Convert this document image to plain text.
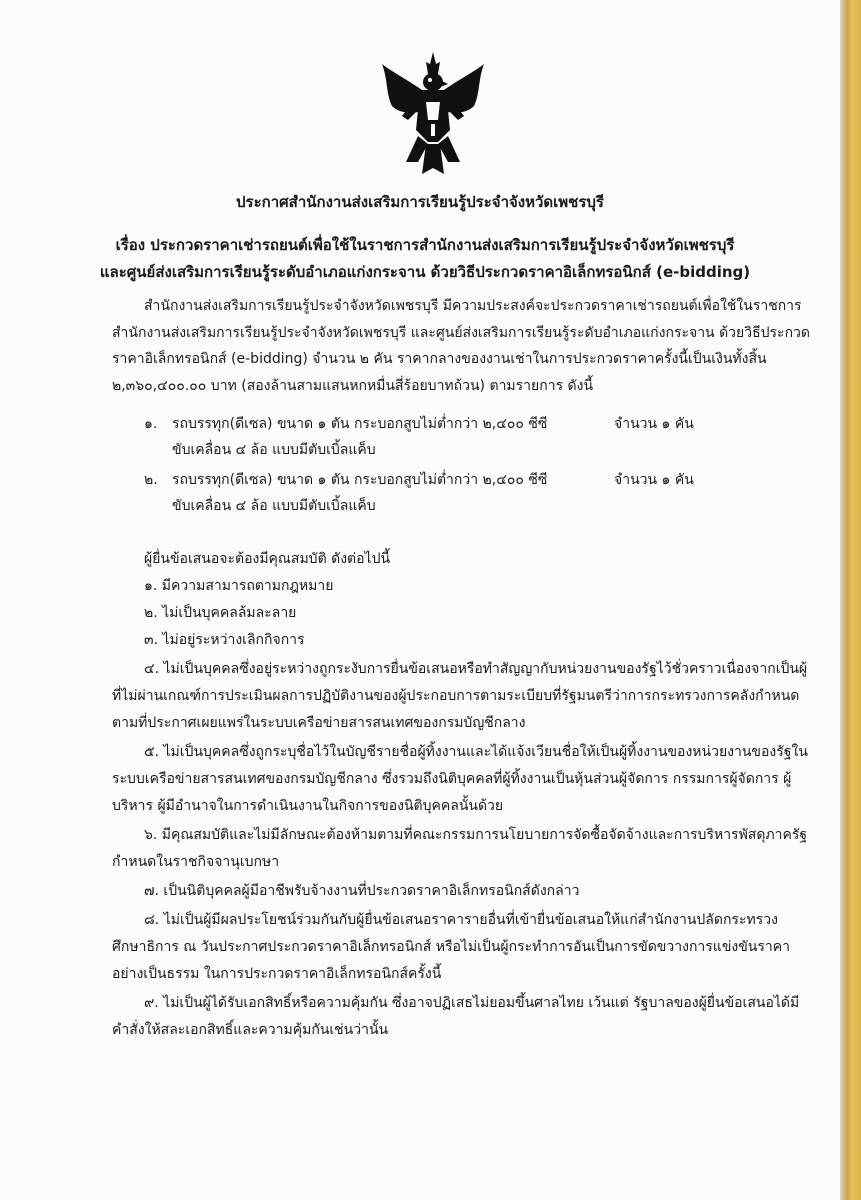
ประกาศสำนักงานส่งเสริมการเรียนรู้ประจำจังหวัดเพชรบุรี
เรื่อง ประกวดราคาเช่ารถยนต์เพื่อใช้ในราชการสำนักงานส่งเสริมการเรียนรู้ประจำจังหวัดเพชรบุรี
และศูนย์ส่งเสริมการเรียนรู้ระดับอำเภอแก่งกระจาน ด้วยวิธีประกวดราคาอิเล็กทรอนิกส์ (e-bidding)

สำนักงานส่งเสริมการเรียนรู้ประจำจังหวัดเพชรบุรี มีความประสงค์จะประกวดราคาเช่ารถยนต์เพื่อใช้ในราชการสำนักงานส่งเสริมการเรียนรู้ประจำจังหวัดเพชรบุรี และศูนย์ส่งเสริมการเรียนรู้ระดับอำเภอแก่งกระจาน ด้วยวิธีประกวดราคาอิเล็กทรอนิกส์ (e-bidding) จำนวน ๒ คัน ราคากลางของงานเช่าในการประกวดราคาครั้งนี้เป็นเงินทั้งสิ้น ๒,๓๖๐,๔๐๐.๐๐ บาท (สองล้านสามแสนหกหมื่นสี่ร้อยบาทถ้วน) ตามรายการ ดังนี้

๑. รถบรรทุก(ดีเซล) ขนาด ๑ ตัน กระบอกสูบไม่ต่ำกว่า ๒,๔๐๐ ซีซี	จำนวน ๑ คัน
ขับเคลื่อน ๔ ล้อ แบบมีตับเบิ้ลแค็บ
๒. รถบรรทุก(ดีเซล) ขนาด ๑ ตัน กระบอกสูบไม่ต่ำกว่า ๒,๔๐๐ ซีซี	จำนวน ๑ คัน
ขับเคลื่อน ๔ ล้อ แบบมีตับเบิ้ลแค็บ
ผู้ยื่นข้อเสนอจะต้องมีคุณสมบัติ ดังต่อไปนี้
๑. มีความสามารถตามกฎหมาย
๒. ไม่เป็นบุคคลล้มละลาย
๓. ไม่อยู่ระหว่างเลิกกิจการ
๔. ไม่เป็นบุคคลซึ่งอยู่ระหว่างถูกระงับการยื่นข้อเสนอหรือทำสัญญากับหน่วยงานของรัฐไว้ชั่วคราวเนื่องจากเป็นผู้ที่ไม่ผ่านเกณฑ์การประเมินผลการปฏิบัติงานของผู้ประกอบการตามระเบียบที่รัฐมนตรีว่าการกระทรวงการคลังกำหนดตามที่ประกาศเผยแพร่ในระบบเครือข่ายสารสนเทศของกรมบัญชีกลาง
๕. ไม่เป็นบุคคลซึ่งถูกระบุชื่อไว้ในบัญชีรายชื่อผู้ทิ้งงานและได้แจ้งเวียนชื่อให้เป็นผู้ทิ้งงานของหน่วยงานของรัฐในระบบเครือข่ายสารสนเทศของกรมบัญชีกลาง ซึ่งรวมถึงนิติบุคคลที่ผู้ทิ้งงานเป็นหุ้นส่วนผู้จัดการ กรรมการผู้จัดการ ผู้บริหาร ผู้มีอำนาจในการดำเนินงานในกิจการของนิติบุคคลนั้นด้วย
๖. มีคุณสมบัติและไม่มีลักษณะต้องห้ามตามที่คณะกรรมการนโยบายการจัดซื้อจัดจ้างและการบริหารพัสดุภาครัฐกำหนดในราชกิจจานุเบกษา
๗. เป็นนิติบุคคลผู้มีอาชีพรับจ้างงานที่ประกวดราคาอิเล็กทรอนิกส์ดังกล่าว
๘. ไม่เป็นผู้มีผลประโยชน์ร่วมกันกับผู้ยื่นข้อเสนอราคารายอื่นที่เข้ายื่นข้อเสนอให้แก่สำนักงานปลัดกระทรวงศึกษาธิการ ณ วันประกาศประกวดราคาอิเล็กทรอนิกส์ หรือไม่เป็นผู้กระทำการอันเป็นการขัดขวางการแข่งขันราคาอย่างเป็นธรรม ในการประกวดราคาอิเล็กทรอนิกส์ครั้งนี้
๙. ไม่เป็นผู้ได้รับเอกสิทธิ์หรือความคุ้มกัน ซึ่งอาจปฏิเสธไม่ยอมขึ้นศาลไทย เว้นแต่ รัฐบาลของผู้ยื่นข้อเสนอได้มีคำสั่งให้สละเอกสิทธิ์และความคุ้มกันเช่นว่านั้น
